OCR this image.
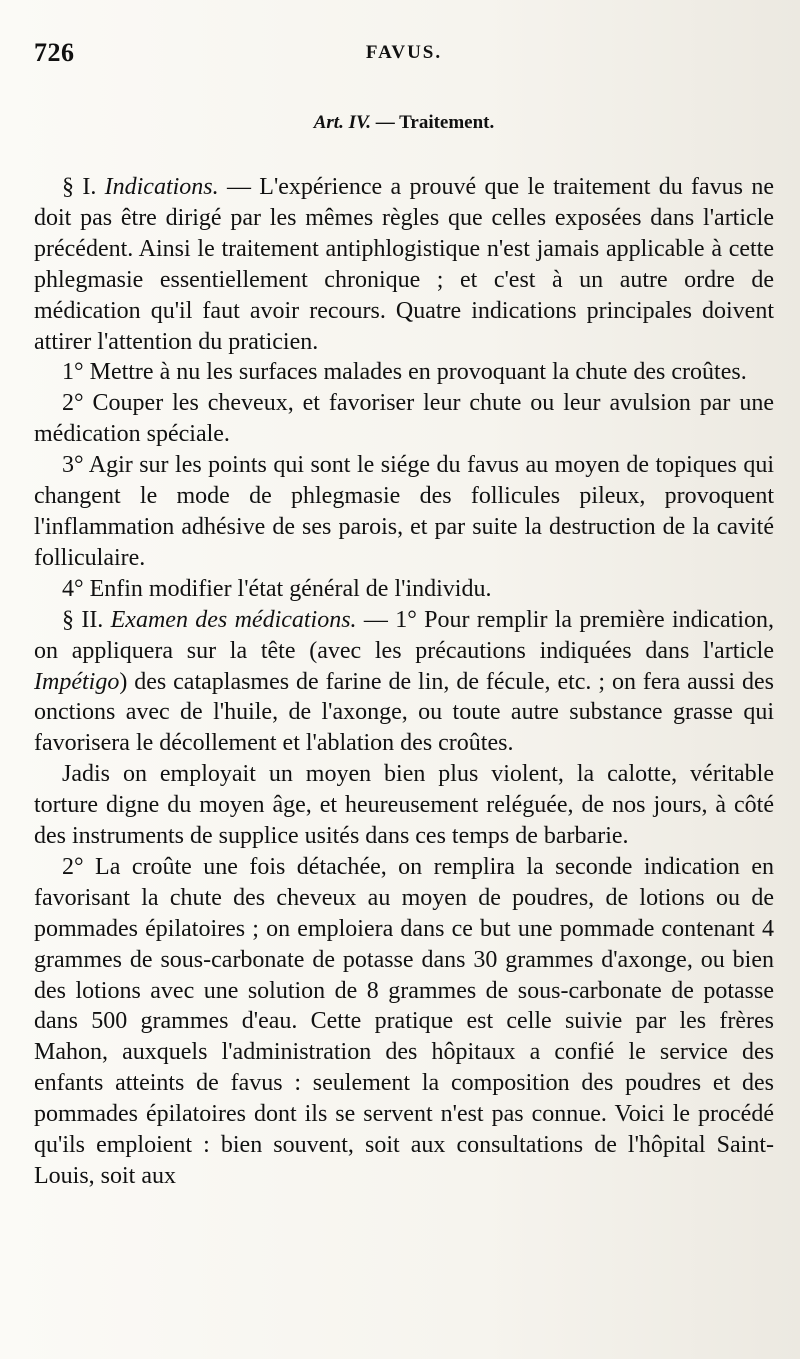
726	FAVUS.
Art. IV. — Traitement.

§ I. Indications. — L'expérience a prouvé que le traitement du favus ne doit pas être dirigé par les mêmes règles que celles exposées dans l'article précédent. Ainsi le traitement antiphlogistique n'est jamais applicable à cette phlegmasie essentiellement chronique ; et c'est à un autre ordre de médication qu'il faut avoir recours. Quatre indications principales doivent attirer l'attention du praticien.

1° Mettre à nu les surfaces malades en provoquant la chute des croûtes.

2° Couper les cheveux, et favoriser leur chute ou leur avulsion par une médication spéciale.

3° Agir sur les points qui sont le siége du favus au moyen de topiques qui changent le mode de phlegmasie des follicules pileux, provoquent l'inflammation adhésive de ses parois, et par suite la destruction de la cavité folliculaire.

4° Enfin modifier l'état général de l'individu.

§ II. Examen des médications. — 1° Pour remplir la première indication, on appliquera sur la tête (avec les précautions indiquées dans l'article Impétigo) des cataplasmes de farine de lin, de fécule, etc. ; on fera aussi des onctions avec de l'huile, de l'axonge, ou toute autre substance grasse qui favorisera le décollement et l'ablation des croûtes.

Jadis on employait un moyen bien plus violent, la calotte, véritable torture digne du moyen âge, et heureusement reléguée, de nos jours, à côté des instruments de supplice usités dans ces temps de barbarie.

2° La croûte une fois détachée, on remplira la seconde indication en favorisant la chute des cheveux au moyen de poudres, de lotions ou de pommades épilatoires ; on emploiera dans ce but une pommade contenant 4 grammes de sous-carbonate de potasse dans 30 grammes d'axonge, ou bien des lotions avec une solution de 8 grammes de sous-carbonate de potasse dans 500 grammes d'eau. Cette pratique est celle suivie par les frères Mahon, auxquels l'administration des hôpitaux a confié le service des enfants atteints de favus : seulement la composition des poudres et des pommades épilatoires dont ils se servent n'est pas connue. Voici le procédé qu'ils emploient : bien souvent, soit aux consultations de l'hôpital Saint-Louis, soit aux
